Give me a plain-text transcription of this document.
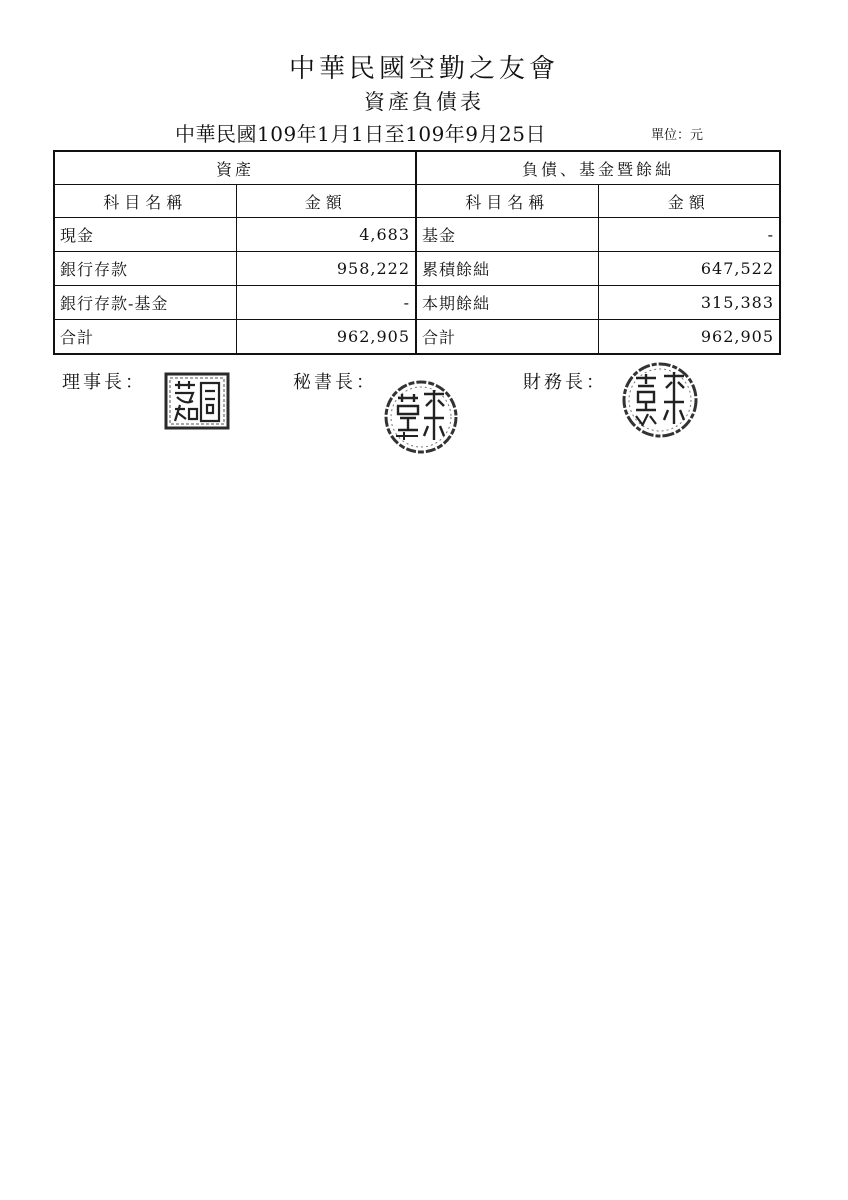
中華民國空勤之友會
資產負債表
中華民國109年1月1日至109年9月25日	單位：元
資產		負債、基金暨餘絀	
科目名稱	金額	科目名稱	金額
現金	4,683	基金	-
銀行存款	958,222	累積餘絀	647,522
銀行存款-基金	-	本期餘絀	315,383
合計	962,905	合計	962,905
理事長：	秘書長：	財務長：
